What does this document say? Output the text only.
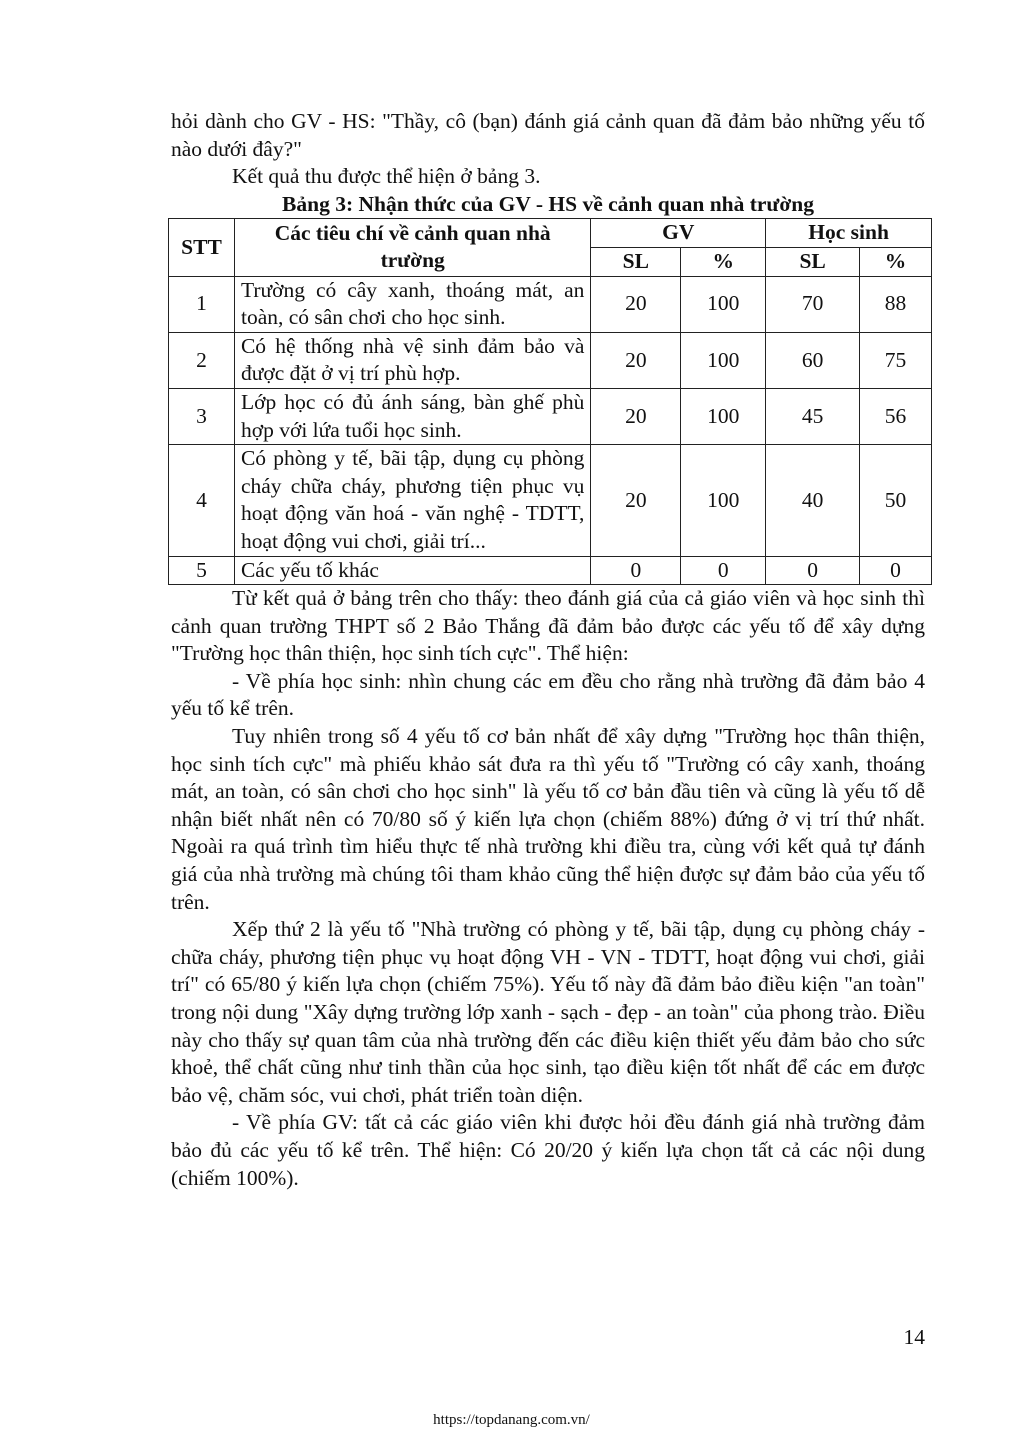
hỏi dành cho GV - HS: "Thầy, cô (bạn) đánh giá cảnh quan đã đảm bảo những yếu tố nào dưới đây?"

Kết quả thu được thể hiện ở bảng 3.

Bảng 3: Nhận thức của GV - HS về cảnh quan nhà trường

STT	Các tiêu chí về cảnh quan nhà trường	GV		Học sinh	
		SL	%	SL	%
1	Trường có cây xanh, thoáng mát, an toàn, có sân chơi cho học sinh.	20	100	70	88
2	Có hệ thống nhà vệ sinh đảm bảo và được đặt ở vị trí phù hợp.	20	100	60	75
3	Lớp học có đủ ánh sáng, bàn ghế phù hợp với lứa tuổi học sinh.	20	100	45	56
4	Có phòng y tế, bãi tập, dụng cụ phòng cháy chữa cháy, phương tiện phục vụ hoạt động văn hoá - văn nghệ - TDTT, hoạt động vui chơi, giải trí...	20	100	40	50
5	Các yếu tố khác	0	0	0	0

Từ kết quả ở bảng trên cho thấy: theo đánh giá của cả giáo viên và học sinh thì cảnh quan trường THPT số 2 Bảo Thắng đã đảm bảo được các yếu tố để xây dựng "Trường học thân thiện, học sinh tích cực". Thể hiện:

- Về phía học sinh: nhìn chung các em đều cho rằng nhà trường đã đảm bảo 4 yếu tố kể trên.

Tuy nhiên trong số 4 yếu tố cơ bản nhất để xây dựng "Trường học thân thiện, học sinh tích cực" mà phiếu khảo sát đưa ra thì yếu tố "Trường có cây xanh, thoáng mát, an toàn, có sân chơi cho học sinh" là yếu tố cơ bản đầu tiên và cũng là yếu tố dễ nhận biết nhất nên có 70/80 số ý kiến lựa chọn (chiếm 88%) đứng ở vị trí thứ nhất. Ngoài ra quá trình tìm hiểu thực tế nhà trường khi điều tra, cùng với kết quả tự đánh giá của nhà trường mà chúng tôi tham khảo cũng thể hiện được sự đảm bảo của yếu tố trên.

Xếp thứ 2 là yếu tố "Nhà trường có phòng y tế, bãi tập, dụng cụ phòng cháy - chữa cháy, phương tiện phục vụ hoạt động VH - VN - TDTT, hoạt động vui chơi, giải trí" có 65/80 ý kiến lựa chọn (chiếm 75%). Yếu tố này đã đảm bảo điều kiện "an toàn" trong nội dung "Xây dựng trường lớp xanh - sạch - đẹp - an toàn" của phong trào. Điều này cho thấy sự quan tâm của nhà trường đến các điều kiện thiết yếu đảm bảo cho sức khoẻ, thể chất cũng như tinh thần của học sinh, tạo điều kiện tốt nhất để các em được bảo vệ, chăm sóc, vui chơi, phát triển toàn diện.

- Về phía GV: tất cả các giáo viên khi được hỏi đều đánh giá nhà trường đảm bảo đủ các yếu tố kể trên. Thể hiện: Có 20/20 ý kiến lựa chọn tất cả các nội dung (chiếm 100%).

14
https://topdanang.com.vn/
